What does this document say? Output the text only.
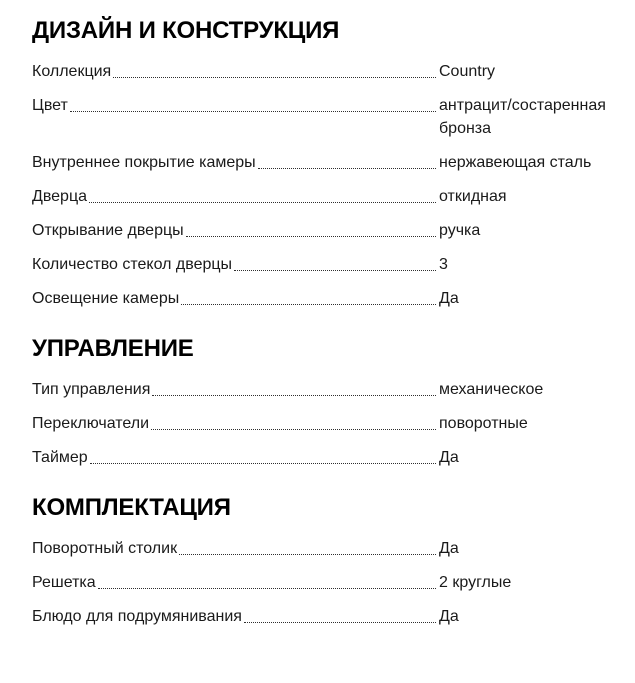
ДИЗАЙН И КОНСТРУКЦИЯ
Коллекция	Country
Цвет	антрацит/состаренная бронза
Внутреннее покрытие камеры	нержавеющая сталь
Дверца	откидная
Открывание дверцы	ручка
Количество стекол дверцы	3
Освещение камеры	Да
УПРАВЛЕНИЕ
Тип управления	механическое
Переключатели	поворотные
Таймер	Да
КОМПЛЕКТАЦИЯ
Поворотный столик	Да
Решетка	2 круглые
Блюдо для подрумянивания	Да
